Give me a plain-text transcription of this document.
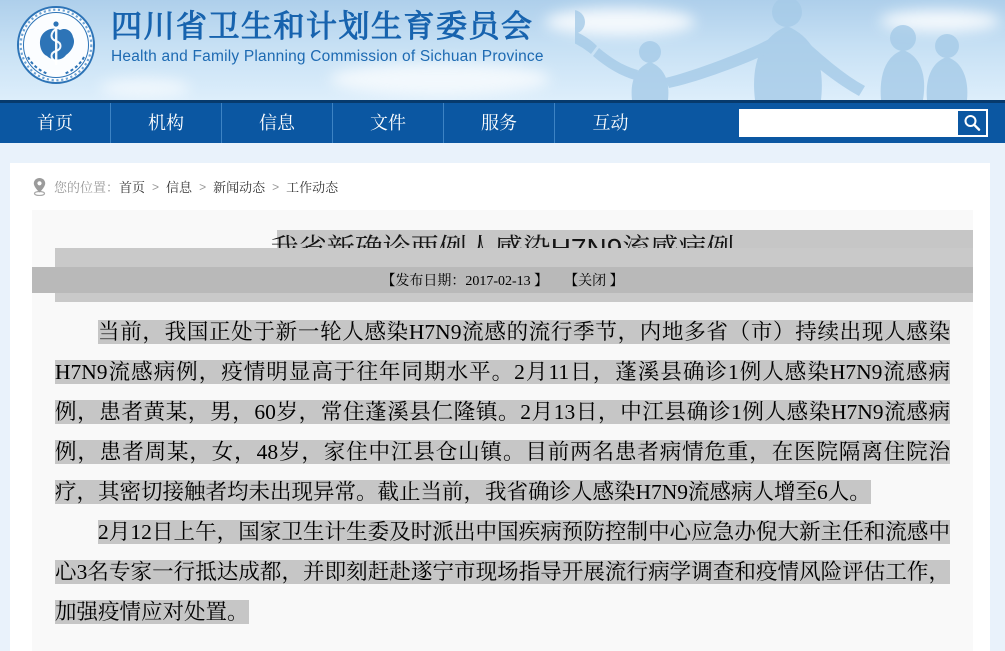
四川省卫生和计划生育委员会
Health and Family Planning Commission of Sichuan Province
首页	机构	信息	文件	服务	互动
您的位置： 首页 > 信息 > 新闻动态 > 工作动态
【发布日期：2017-02-13 】 【关闭 】

当前，我国正处于新一轮人感染H7N9流感的流行季节，内地多省（市）持续出现人感染H7N9流感病例，疫情明显高于往年同期水平。2月11日，蓬溪县确诊1例人感染H7N9流感病例，患者黄某，男，60岁，常住蓬溪县仁隆镇。2月13日，中江县确诊1例人感染H7N9流感病例，患者周某，女，48岁，家住中江县仓山镇。目前两名患者病情危重，在医院隔离住院治疗，其密切接触者均未出现异常。截止当前，我省确诊人感染H7N9流感病人增至6人。

2月12日上午，国家卫生计生委及时派出中国疾病预防控制中心应急办倪大新主任和流感中心3名专家一行抵达成都，并即刻赶赴遂宁市现场指导开展流行病学调查和疫情风险评估工作，加强疫情应对处置。
